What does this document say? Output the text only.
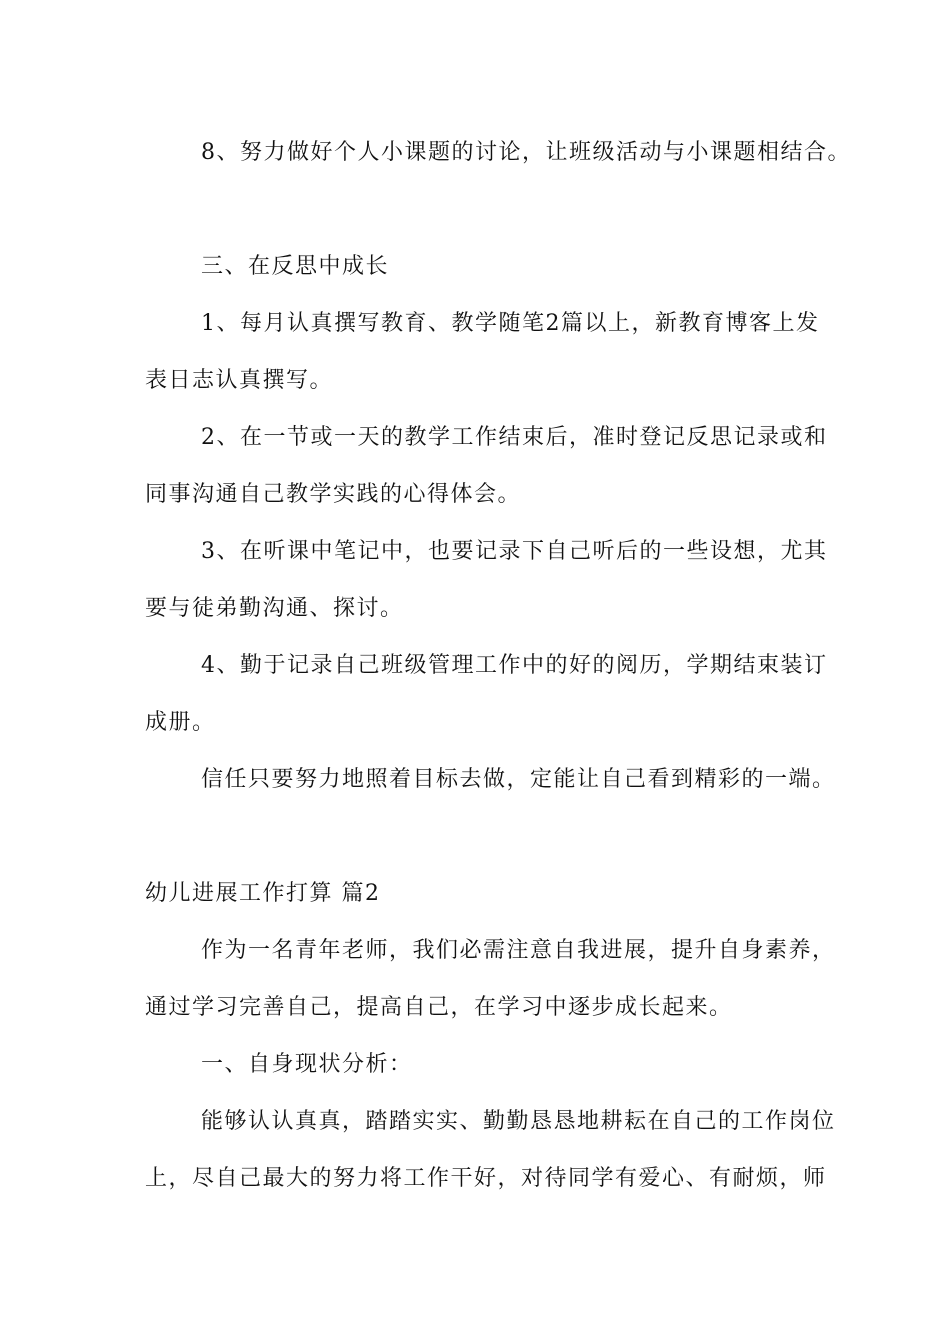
8、努力做好个人小课题的讨论，让班级活动与小课题相结合。

三、在反思中成长

1、每月认真撰写教育、教学随笔2篇以上，新教育博客上发

表日志认真撰写。

2、在一节或一天的教学工作结束后，准时登记反思记录或和

同事沟通自己教学实践的心得体会。

3、在听课中笔记中，也要记录下自己听后的一些设想，尤其

要与徒弟勤沟通、探讨。

4、勤于记录自己班级管理工作中的好的阅历，学期结束装订

成册。

信任只要努力地照着目标去做，定能让自己看到精彩的一端。

幼儿进展工作打算 篇2

作为一名青年老师，我们必需注意自我进展，提升自身素养，

通过学习完善自己，提高自己，在学习中逐步成长起来。

一、自身现状分析：

能够认认真真，踏踏实实、勤勤恳恳地耕耘在自己的工作岗位

上，尽自己最大的努力将工作干好，对待同学有爱心、有耐烦，师
